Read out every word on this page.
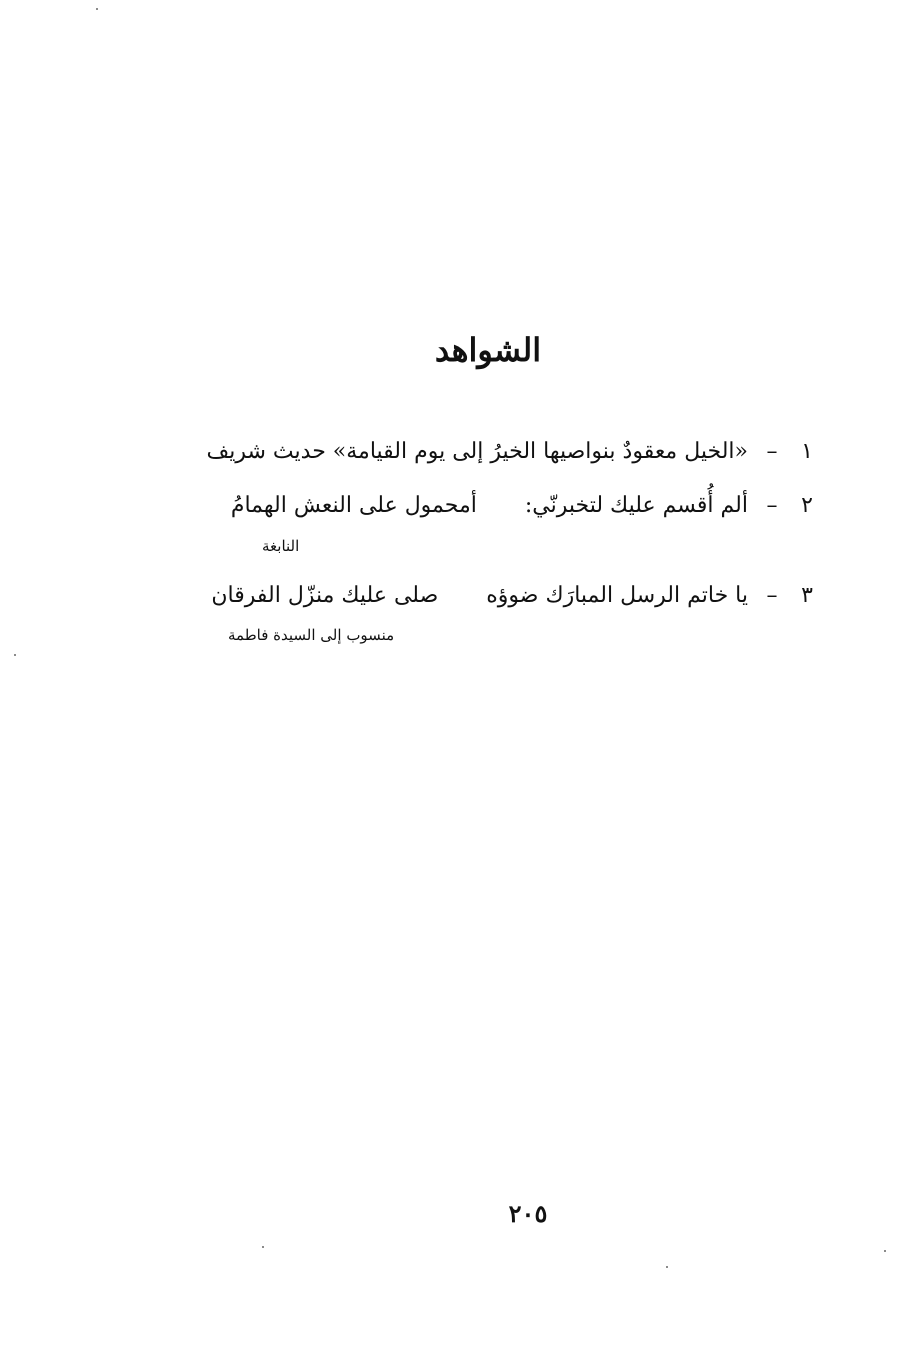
الشواهد
١ – «الخيل معقودٌ بنواصيها الخيرُ إلى يوم القيامة» حديث شريف
٢ – ألم أُقسم عليك لتخبرنّي:  أمحمول على النعش الهمامُ
النابغة
٣ – يا خاتم الرسل المبارَك ضوؤه  صلى عليك منزّل الفرقان
منسوب إلى السيدة فاطمة
٢٠٥
